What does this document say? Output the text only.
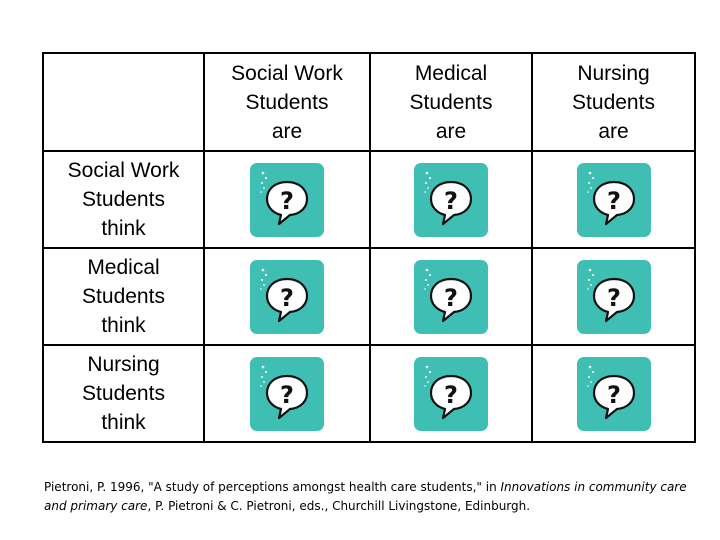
	Social Work
Students
are	Medical
Students
are	Nursing
Students
are

Social Work
Students
think	?	?	?

Medical
Students
think	?	?	?

Nursing
Students
think	?	?	?
Pietroni, P. 1996, "A study of perceptions amongst health care students," in Innovations in community care and primary care, P. Pietroni & C. Pietroni, eds., Churchill Livingstone, Edinburgh.
